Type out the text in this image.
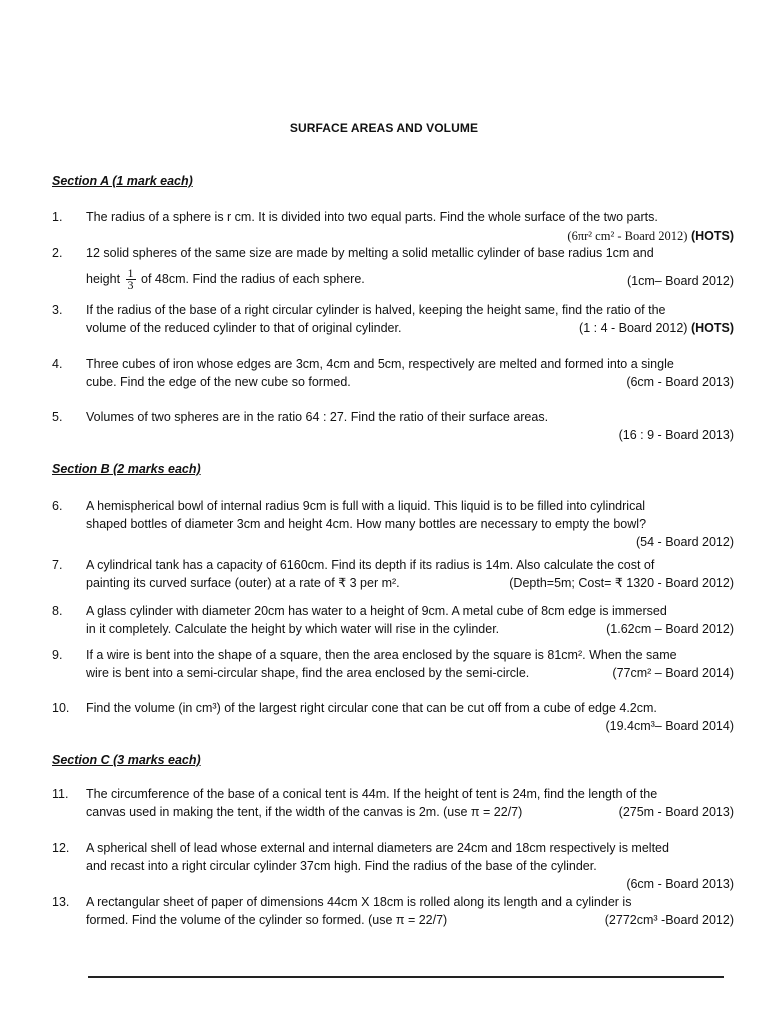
SURFACE AREAS AND VOLUME
Section A (1 mark each)
1.	The radius of a sphere is r cm. It is divided into two equal parts. Find the whole surface of the two parts.
(6πr² cm² - Board 2012) (HOTS)
2.	12 solid spheres of the same size are made by melting a solid metallic cylinder of base radius 1cm and
height $\frac{1}{3}$ of 48cm. Find the radius of each sphere.	(1cm– Board 2012)
3.	If the radius of the base of a right circular cylinder is halved, keeping the height same, find the ratio of the
volume of the reduced cylinder to that of original cylinder.	(1 : 4 - Board 2012) (HOTS)
4.	Three cubes of iron whose edges are 3cm, 4cm and 5cm, respectively are melted and formed into a single
cube. Find the edge of the new cube so formed.	(6cm - Board 2013)
5.	Volumes of two spheres are in the ratio 64 : 27. Find the ratio of their surface areas.
(16 : 9 - Board 2013)
Section B (2 marks each)
6.	A hemispherical bowl of internal radius 9cm is full with a liquid. This liquid is to be filled into cylindrical
shaped bottles of diameter 3cm and height 4cm. How many bottles are necessary to empty the bowl?
(54 - Board 2012)
7.	A cylindrical tank has a capacity of 6160cm. Find its depth if its radius is 14m. Also calculate the cost of
painting its curved surface (outer) at a rate of ₹ 3 per m².	(Depth=5m; Cost= ₹ 1320 - Board 2012)
8.	A glass cylinder with diameter 20cm has water to a height of 9cm. A metal cube of 8cm edge is immersed
in it completely. Calculate the height by which water will rise in the cylinder.	(1.62cm – Board 2012)
9.	If a wire is bent into the shape of a square, then the area enclosed by the square is 81cm². When the same
wire is bent into a semi-circular shape, find the area enclosed by the semi-circle.	(77cm² – Board 2014)
10.	Find the volume (in cm³) of the largest right circular cone that can be cut off from a cube of edge 4.2cm.
(19.4cm³– Board 2014)
Section C (3 marks each)
11.	The circumference of the base of a conical tent is 44m. If the height of tent is 24m, find the length of the
canvas used in making the tent, if the width of the canvas is 2m. (use π = 22/7)	(275m - Board 2013)
12.	A spherical shell of lead whose external and internal diameters are 24cm and 18cm respectively is melted
and recast into a right circular cylinder 37cm high. Find the radius of the base of the cylinder.
(6cm - Board 2013)
13.	A rectangular sheet of paper of dimensions 44cm X 18cm is rolled along its length and a cylinder is
formed. Find the volume of the cylinder so formed. (use π = 22/7)	(2772cm³ -Board 2012)
